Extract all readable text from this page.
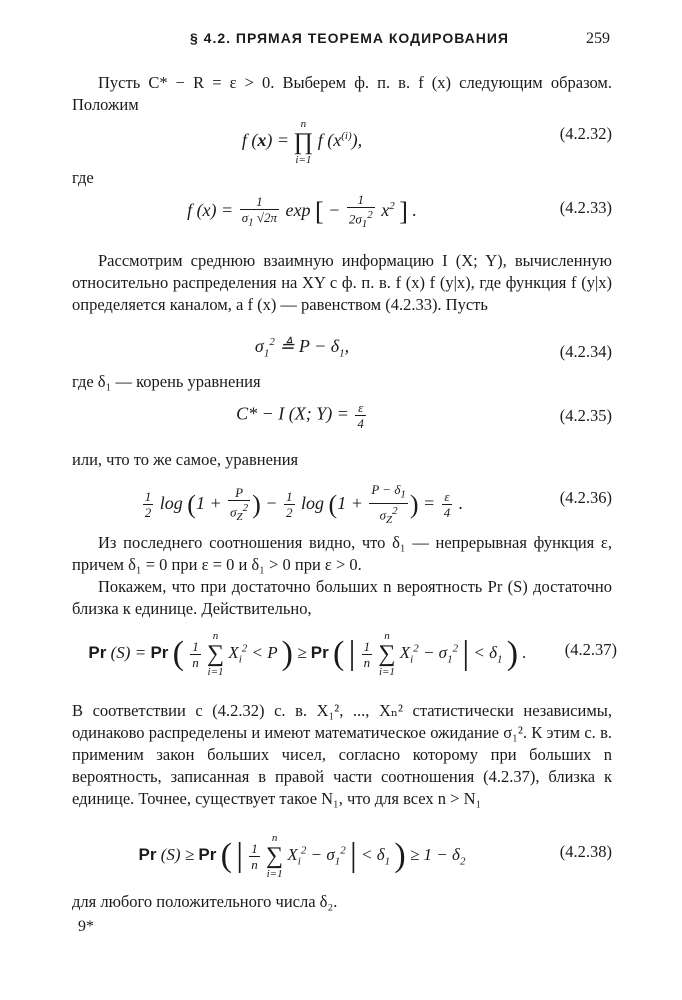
§ 4.2. ПРЯМАЯ ТЕОРЕМА КОДИРОВАНИЯ	259

Пусть C* − R = ε > 0. Выберем ф. п. в. f (x) следующим образом. Положим

f (x) = n
∏
i=1 f $(x^{(i)})$,	(4.2.32)
где
f $(x) = \frac{1}{\sigma_1 √2\pi}$ exp [ − $\frac{1}{2\sigma_1^2} x^2$ ] .	(4.2.33)

Рассмотрим среднюю взаимную информацию I (X; Y), вычисленную относительно распределения на XY с ф. п. в. f (x) f (y|x), где функция f (y|x) определяется каналом, а f (x) — равенством (4.2.33). Пусть

$\sigma_1^2$ ≜ $P - \delta_1$,	(4.2.34)
где δ₁ — корень уравнения
C* − I (X; $Y) = \frac{\varepsilon}{4}$	(4.2.35)
или, что то же самое, уравнения
$\frac{1}{2}$ $\log (1 + \frac{P}{\sigma_Z^2}$ ) − $\frac{1}{2}$ $\log (1 + \frac{P - \delta_1}{\sigma_Z^2}$ ) = $\frac{\varepsilon}{4}$ .	(4.2.36)

Из последнего соотношения видно, что δ₁ — непрерывная функция ε, причем δ₁ = 0 при ε = 0 и δ₁ > 0 при ε > 0.

Покажем, что при достаточно больших n вероятность Pr (S) достаточно близка к единице. Действительно,

Pr (S) = Pr ( $\frac{1}{n}$
n
∑
i=1 $X_i^2 < P$ ) ≥ Pr ( | $\frac{1}{n}$
n
∑
i=1 $X_i^2 - \sigma_1^2$ | < $\delta_1$ ) .	(4.2.37)

В соответствии с (4.2.32) с. в. X₁², ..., Xₙ² статистически независимы, одинаково распределены и имеют математическое ожидание σ₁². К этим с. в. применим закон больших чисел, согласно которому при больших n вероятность, записанная в правой части соотношения (4.2.37), близка к единице. Точнее, существует такое N₁, что для всех n > N₁

Pr (S) ≥ Pr ( | $\frac{1}{n}$
n
∑
i=1 $X_i^2 - \sigma_1^2$ | < $\delta_1$ ) ≥ $1 - \delta_2$
(4.2.38)
для любого положительного числа δ₂.
9*
